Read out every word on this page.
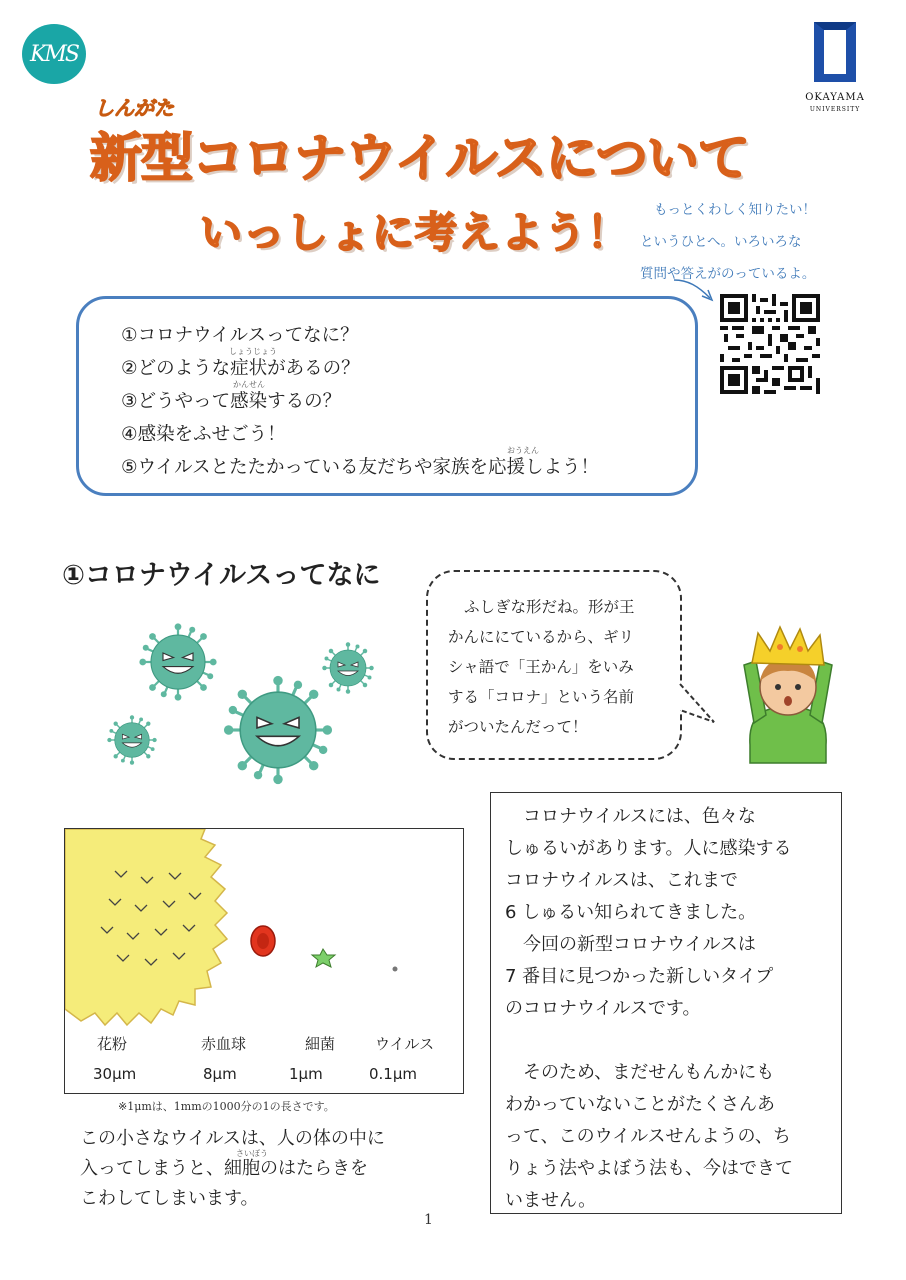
KMS
OKAYAMA
UNIVERSITY
しんがた
新型コロナウイルスについて
いっしょに考えよう！	もっとくわしく知りたい！
というひとへ。いろいろな
質問や答えがのっているよ。
①コロナウイルスってなに？
②どのような症状があるの？
しょうじょう
③どうやって感染するの？
かんせん
④感染をふせごう！
⑤ウイルスとたたかっている友だちや家族を応援しよう！
おうえん
①コロナウイルスってなに
ふしぎな形だね。形が王
かんににているから、ギリ
シャ語で「王かん」をいみ
する「コロナ」という名前
がついたんだって！
花粉	赤血球	細菌	ウイルス
30μm	8μm	1μm	0.1μm
※1μmは、1mmの1000分の1の長さです。
この小さなウイルスは、人の体の中に
入ってしまうと、細胞のはたらきを
さいぼう
こわしてしまいます。
コロナウイルスには、色々な
しゅるいがあります。人に感染する
コロナウイルスは、これまで
6 しゅるい知られてきました。
今回の新型コロナウイルスは
7 番目に見つかった新しいタイプ
のコロナウイルスです。
そのため、まだせんもんかにも
わかっていないことがたくさんあ
って、このウイルスせんようの、ち
りょう法やよぼう法も、今はできて
いません。
1
